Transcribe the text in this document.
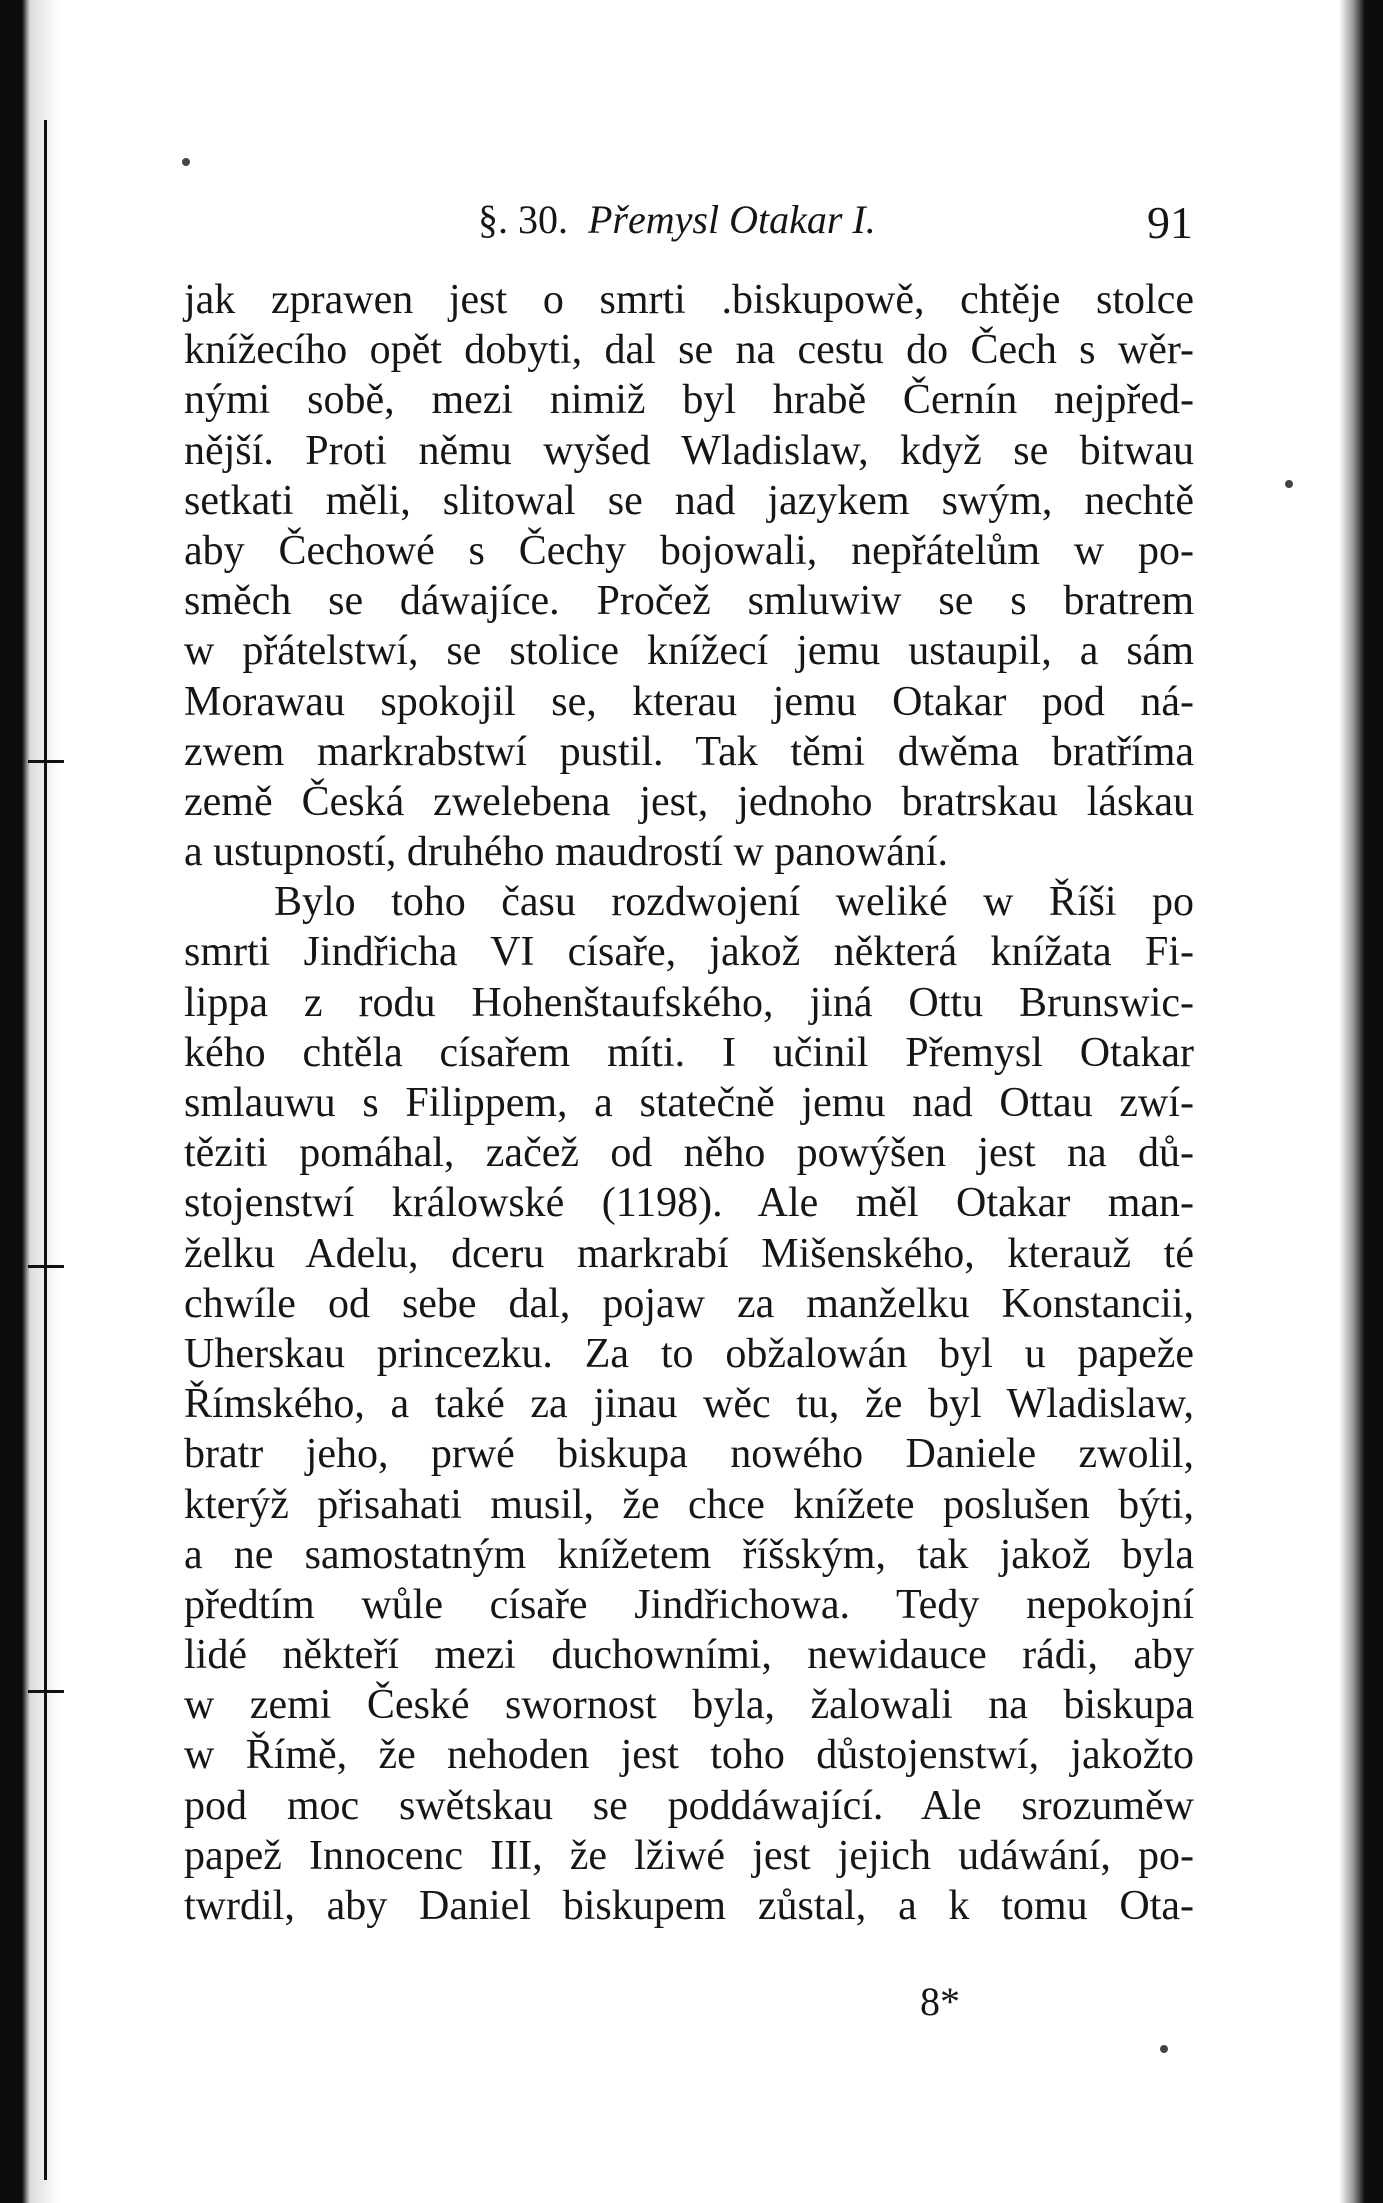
§. 30. Přemysl Otakar I.	91
jak zprawen jest o smrti .biskupowě, chtěje stolce
knížecího opět dobyti, dal se na cestu do Čech s wěr-
nými sobě, mezi nimiž byl hrabě Černín nejpřed-
nější. Proti němu wyšed Wladislaw, když se bitwau
setkati měli, slitowal se nad jazykem swým, nechtě
aby Čechowé s Čechy bojowali, nepřátelům w po-
směch se dáwajíce. Pročež smluwiw se s bratrem
w přátelstwí, se stolice knížecí jemu ustaupil, a sám
Morawau spokojil se, kterau jemu Otakar pod ná-
zwem markrabstwí pustil. Tak těmi dwěma bratříma
země Česká zwelebena jest, jednoho bratrskau láskau
a ustupností, druhého maudrostí w panowání.
Bylo toho času rozdwojení weliké w Říši po
smrti Jindřicha VI císaře, jakož některá knížata Fi-
lippa z rodu Hohenštaufského, jiná Ottu Brunswic-
kého chtěla císařem míti. I učinil Přemysl Otakar
smlauwu s Filippem, a statečně jemu nad Ottau zwí-
těziti pomáhal, začež od něho powýšen jest na dů-
stojenstwí králowské (1198). Ale měl Otakar man-
želku Adelu, dceru markrabí Mišenského, kterauž té
chwíle od sebe dal, pojaw za manželku Konstancii,
Uherskau princezku. Za to obžalowán byl u papeže
Římského, a také za jinau wěc tu, že byl Wladislaw,
bratr jeho, prwé biskupa nowého Daniele zwolil,
kterýž přisahati musil, že chce knížete poslušen býti,
a ne samostatným knížetem říšským, tak jakož byla
předtím wůle císaře Jindřichowa. Tedy nepokojní
lidé někteří mezi duchowními, newidauce rádi, aby
w zemi České swornost byla, žalowali na biskupa
w Římě, že nehoden jest toho důstojenstwí, jakožto
pod moc swětskau se poddáwající. Ale srozuměw
papež Innocenc III, že lžiwé jest jejich udáwání, po-
twrdil, aby Daniel biskupem zůstal, a k tomu Ota-
8*
